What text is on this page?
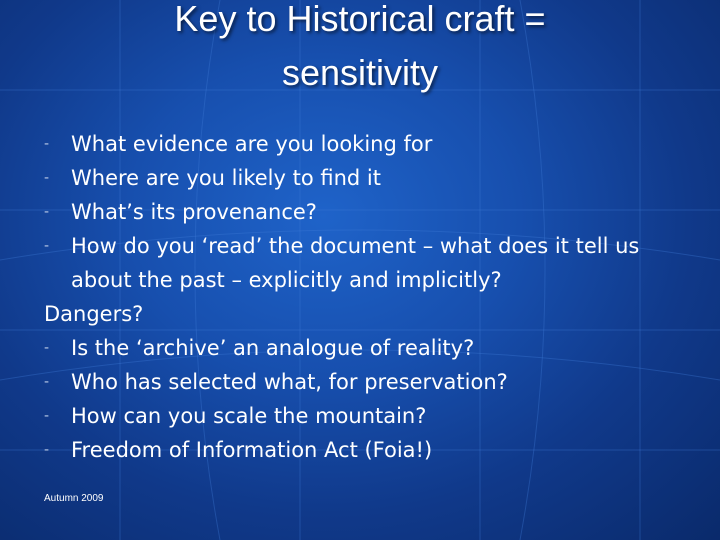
Key to Historical craft =
sensitivity
- What evidence are you looking for
- Where are you likely to find it
- What’s its provenance?
- How do you ‘read’ the document – what does it tell us about the past – explicitly and implicitly?
Dangers?
- Is the ‘archive’ an analogue of reality?
- Who has selected what, for preservation?
- How can you scale the mountain?
- Freedom of Information Act (Foia!)
Autumn 2009
